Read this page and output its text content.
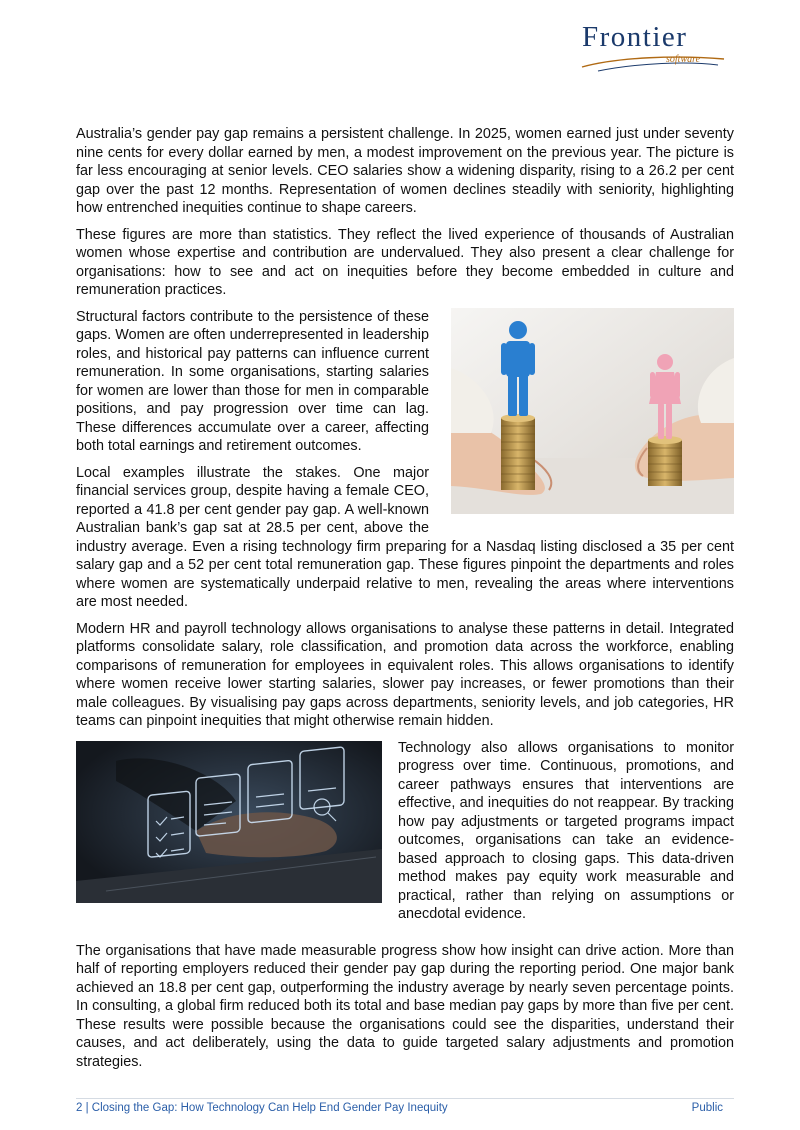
Frontier
software

Australia’s gender pay gap remains a persistent challenge. In 2025, women earned just under seventy nine cents for every dollar earned by men, a modest improvement on the previous year. The picture is far less encouraging at senior levels. CEO salaries show a widening disparity, rising to a 26.2 per cent gap over the past 12 months. Representation of women declines steadily with seniority, highlighting how entrenched inequities continue to shape careers.

These figures are more than statistics. They reflect the lived experience of thousands of Australian women whose expertise and contribution are undervalued. They also present a clear challenge for organisations: how to see and act on inequities before they become embedded in culture and remuneration practices.

Structural factors contribute to the persistence of these gaps. Women are often underrepresented in leadership roles, and historical pay patterns can influence current remuneration. In some organisations, starting salaries for women are lower than those for men in comparable positions, and pay progression over time can lag. These differences accumulate over a career, affecting both total earnings and retirement outcomes.

Local examples illustrate the stakes. One major financial services group, despite having a female CEO, reported a 41.8 per cent gender pay gap. A well-known Australian bank’s gap sat at 28.5 per cent, above the industry average. Even a rising technology firm preparing for a Nasdaq listing disclosed a 35 per cent salary gap and a 52 per cent total remuneration gap. These figures pinpoint the departments and roles where women are systematically underpaid relative to men, revealing the areas where interventions are most needed.

Modern HR and payroll technology allows organisations to analyse these patterns in detail. Integrated platforms consolidate salary, role classification, and promotion data across the workforce, enabling comparisons of remuneration for employees in equivalent roles. This allows organisations to identify where women receive lower starting salaries, slower pay increases, or fewer promotions than their male colleagues. By visualising pay gaps across departments, seniority levels, and job categories, HR teams can pinpoint inequities that might otherwise remain hidden.

Technology also allows organisations to monitor progress over time. Continuous, promotions, and career pathways ensures that interventions are effective, and inequities do not reappear. By tracking how pay adjustments or targeted programs impact outcomes, organisations can take an evidence-based approach to closing gaps. This data-driven method makes pay equity work measurable and practical, rather than relying on assumptions or anecdotal evidence.

The organisations that have made measurable progress show how insight can drive action. More than half of reporting employers reduced their gender pay gap during the reporting period. One major bank achieved an 18.8 per cent gap, outperforming the industry average by nearly seven percentage points. In consulting, a global firm reduced both its total and base median pay gaps by more than five per cent. These results were possible because the organisations could see the disparities, understand their causes, and act deliberately, using the data to guide targeted salary adjustments and promotion strategies.

2 | Closing the Gap: How Technology Can Help End Gender Pay Inequity	Public
